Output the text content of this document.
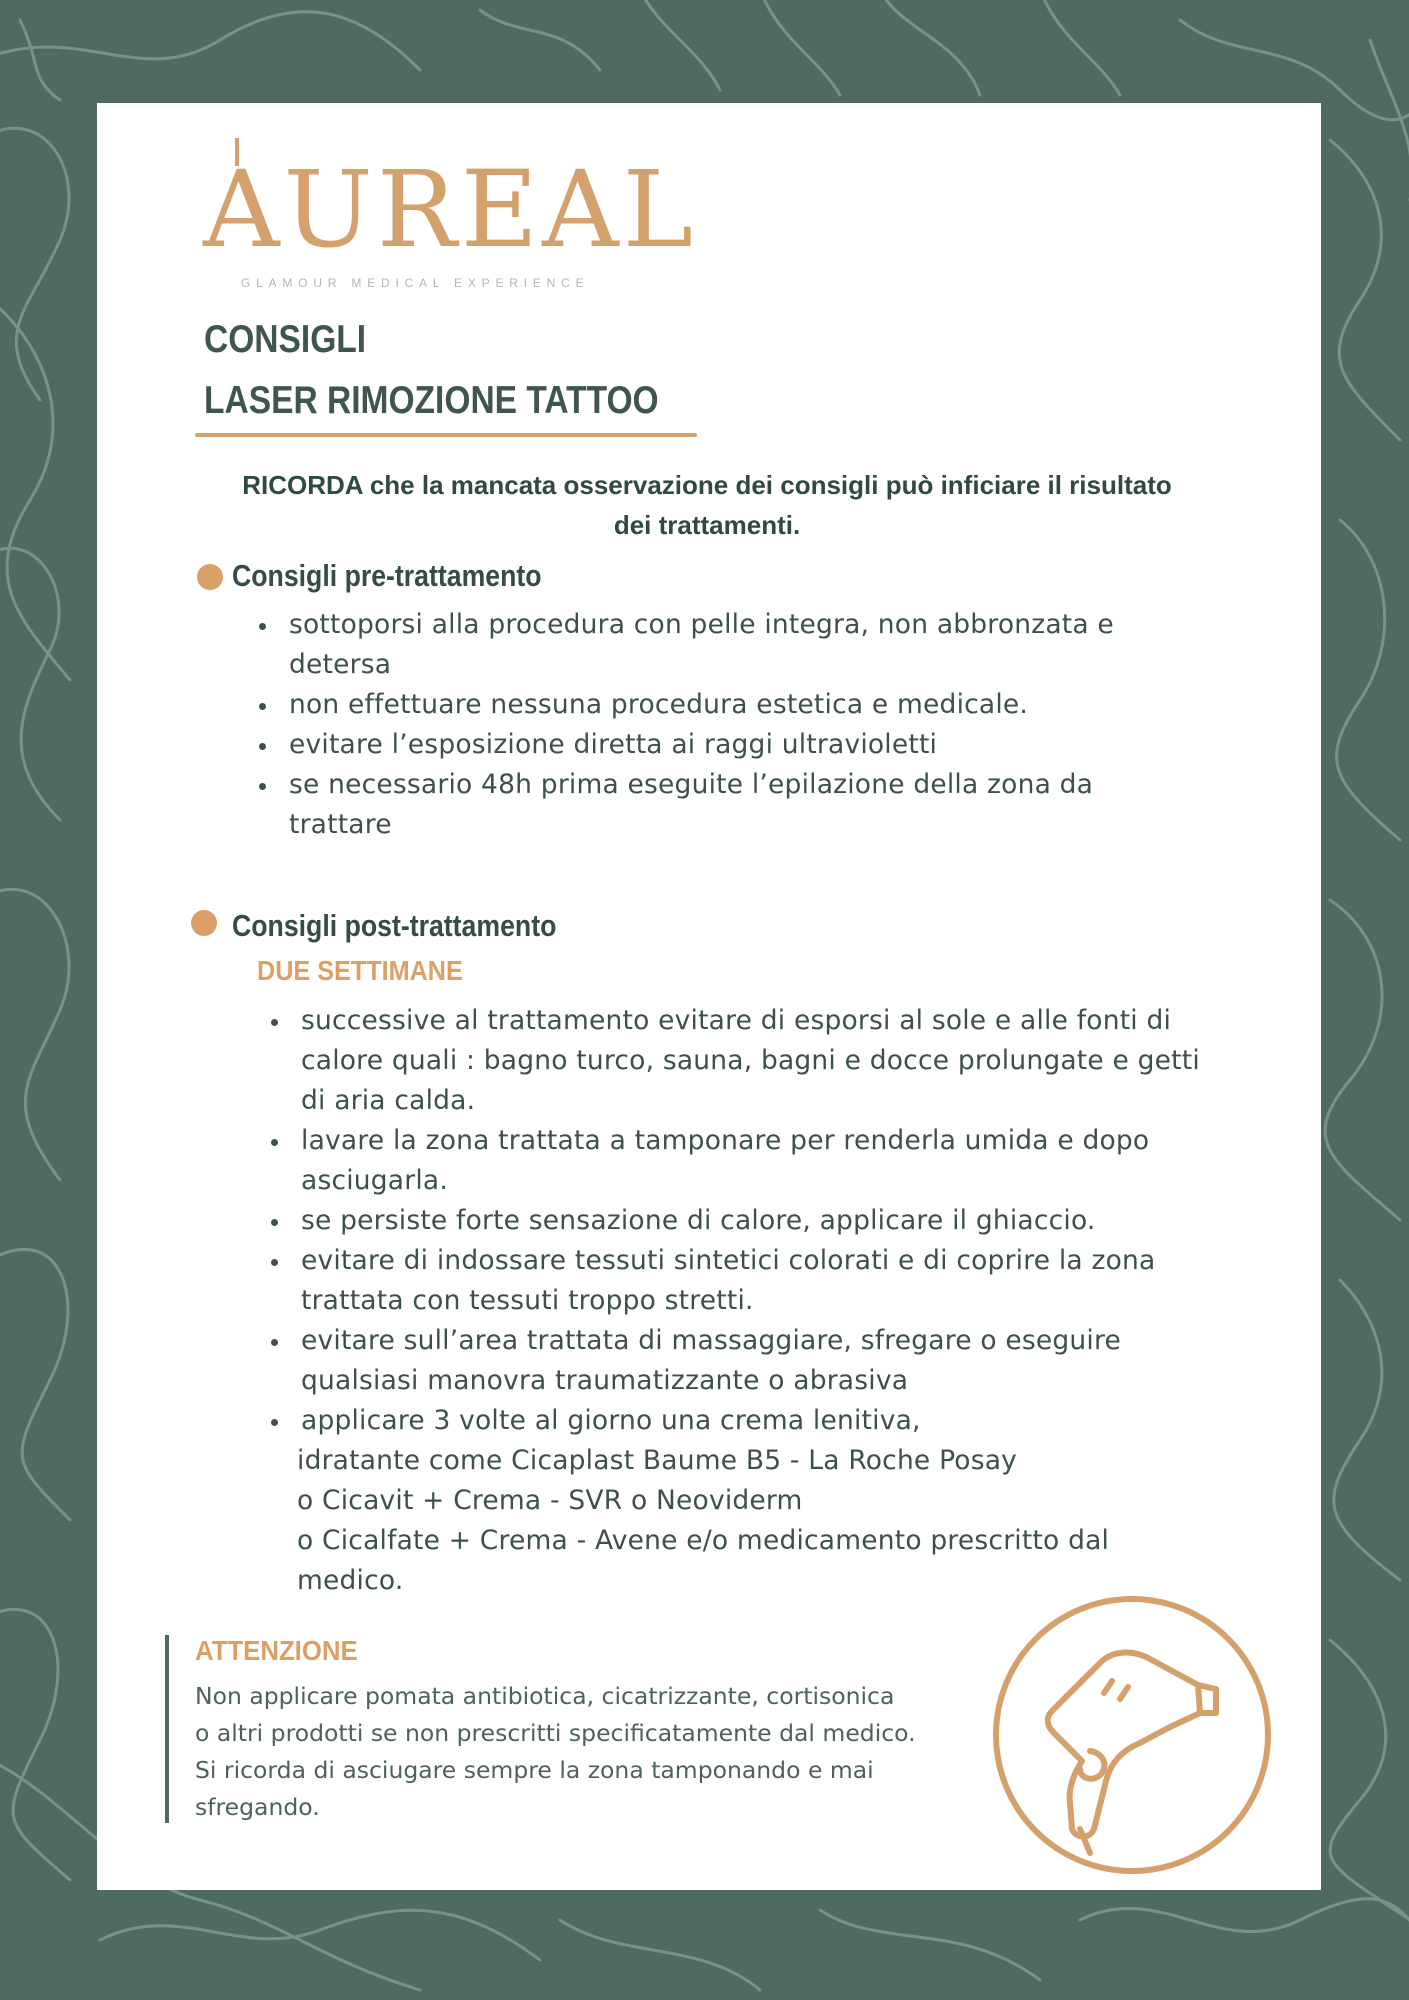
AUREAL
GLAMOUR MEDICAL EXPERIENCE
CONSIGLI
LASER RIMOZIONE TATTOO
RICORDA che la mancata osservazione dei consigli può inficiare il risultato dei trattamenti.
Consigli pre-trattamento
sottoporsi alla procedura con pelle integra, non abbronzata e detersa
non effettuare nessuna procedura estetica e medicale.
evitare l’esposizione diretta ai raggi ultravioletti
se necessario 48h prima eseguite l’epilazione della zona da trattare
Consigli post-trattamento
DUE SETTIMANE
successive al trattamento evitare di esporsi al sole e alle fonti di calore quali : bagno turco, sauna, bagni e docce prolungate e getti di aria calda.
lavare la zona trattata a tamponare per renderla umida e dopo asciugarla.
se persiste forte sensazione di calore, applicare il ghiaccio.
evitare di indossare tessuti sintetici colorati e di coprire la zona trattata con tessuti troppo stretti.
evitare sull’area trattata di massaggiare, sfregare o eseguire qualsiasi manovra traumatizzante o abrasiva
applicare 3 volte al giorno una crema lenitiva,
idratante come Cicaplast Baume B5 - La Roche Posay
o Cicavit + Crema - SVR o Neoviderm
o Cicalfate + Crema - Avene e/o medicamento prescritto dal medico.
ATTENZIONE
Non applicare pomata antibiotica, cicatrizzante, cortisonica
o altri prodotti se non prescritti specificatamente dal medico.
Si ricorda di asciugare sempre la zona tamponando e mai
sfregando.
